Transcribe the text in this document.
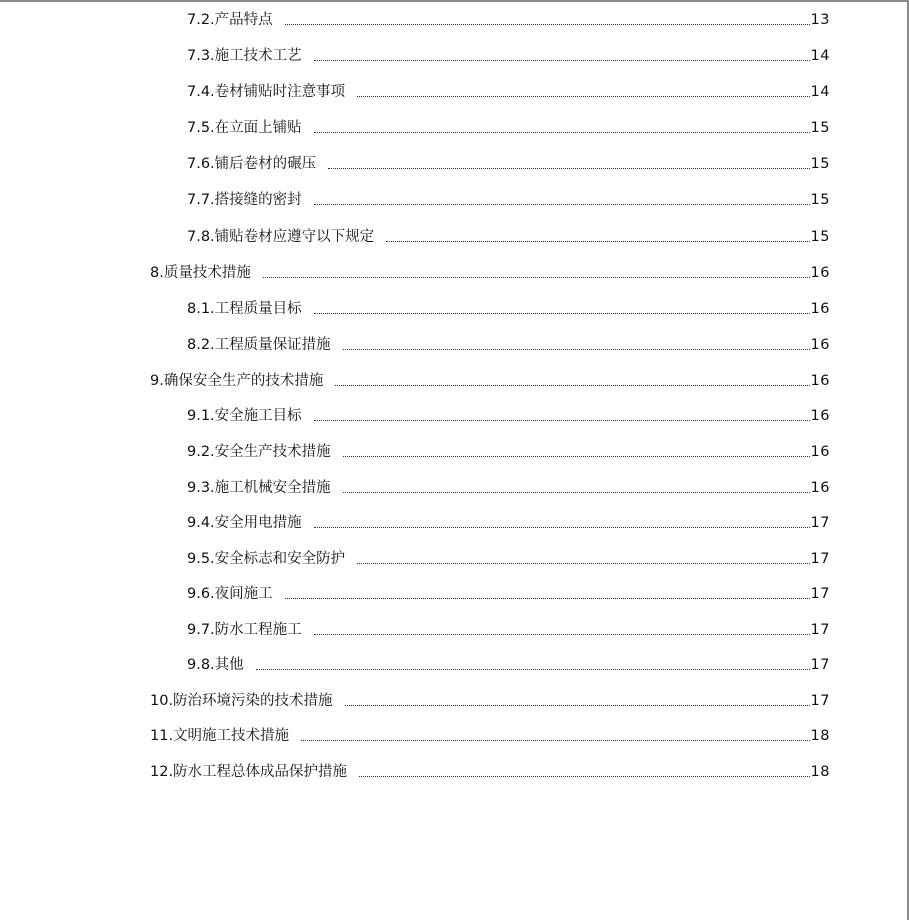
7.2.产品特点	13
7.3.施工技术工艺	14
7.4.卷材铺贴时注意事项	14
7.5.在立面上铺贴	15
7.6.铺后卷材的碾压	15
7.7.搭接缝的密封	15
7.8.铺贴卷材应遵守以下规定	15
8.质量技术措施	16
8.1.工程质量目标	16
8.2.工程质量保证措施	16
9.确保安全生产的技术措施	16
9.1.安全施工目标	16
9.2.安全生产技术措施	16
9.3.施工机械安全措施	16
9.4.安全用电措施	17
9.5.安全标志和安全防护	17
9.6.夜间施工	17
9.7.防水工程施工	17
9.8.其他	17
10.防治环境污染的技术措施	17
11.文明施工技术措施	18
12.防水工程总体成品保护措施	18
